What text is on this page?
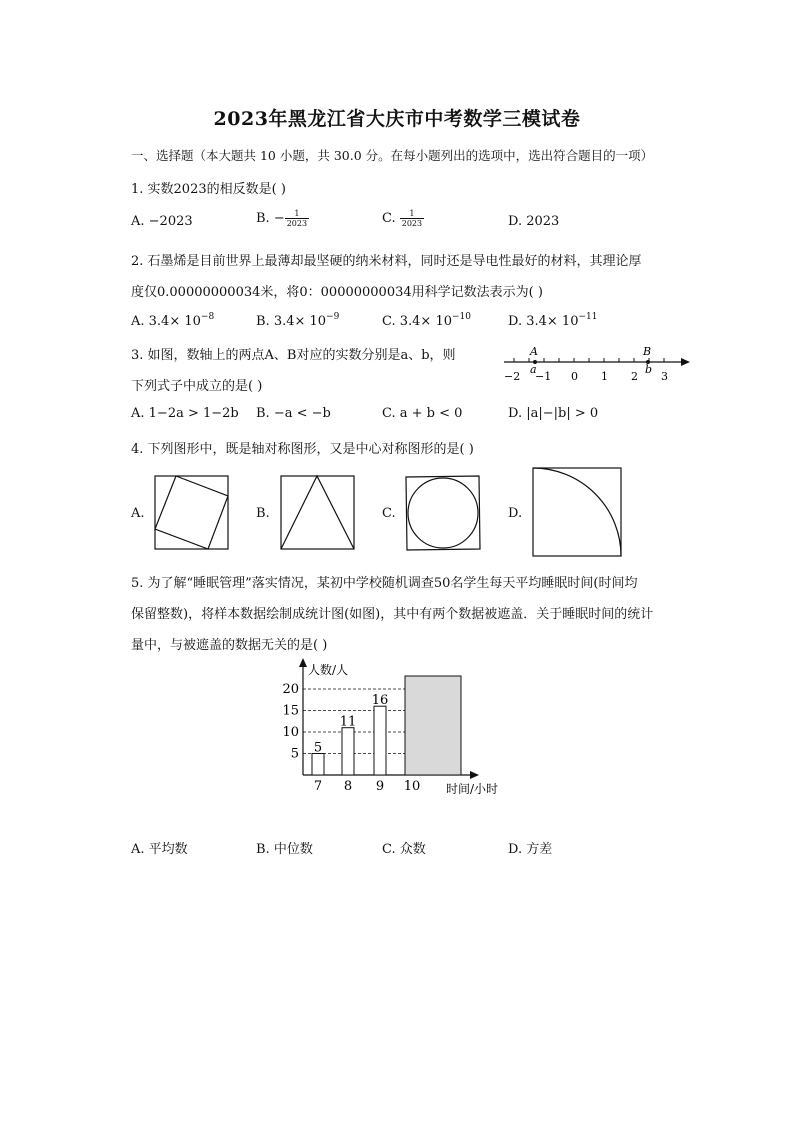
2023年黑龙江省大庆市中考数学三模试卷
一、选择题（本大题共 10 小题，共 30.0 分。在每小题列出的选项中，选出符合题目的一项）
1. 实数2023的相反数是( )
A. −2023	B. − $\frac{1}{2023}$	C. $\frac{1}{2023}$	D. 2023
2. 石墨烯是目前世界上最薄却最坚硬的纳米材料，同时还是导电性最好的材料，其理论厚
度仅0.00000000034米，将0：00000000034用科学记数法表示为( )
A. $3.4\times 10^{-8}$	B. $3.4\times 10^{-9}$	C. $3.4\times 10^{-10}$	D. $3.4\times 10^{-11}$
3. 如图，数轴上的两点A、B对应的实数分别是a、b，则
下列式子中成立的是( )
A
a
B
b
−2 −1 0 1 2 3
A. 1−2a > 1−2b B. −a < −b	C. a + b < 0	D. |a|−|b| > 0
4. 下列图形中，既是轴对称图形，又是中心对称图形的是( )
A.	B.	C.	D.
5. 为了解“睡眠管理”落实情况，某初中学校随机调查50名学生每天平均睡眠时间(时间均
保留整数)，将样本数据绘制成统计图(如图)，其中有两个数据被遮盖．关于睡眠时间的统计
量中，与被遮盖的数据无关的是( )
人数/人
时间/小时
5
10
15
20
5
11
16
7 8 9 10
A. 平均数	B. 中位数	C. 众数	D. 方差
